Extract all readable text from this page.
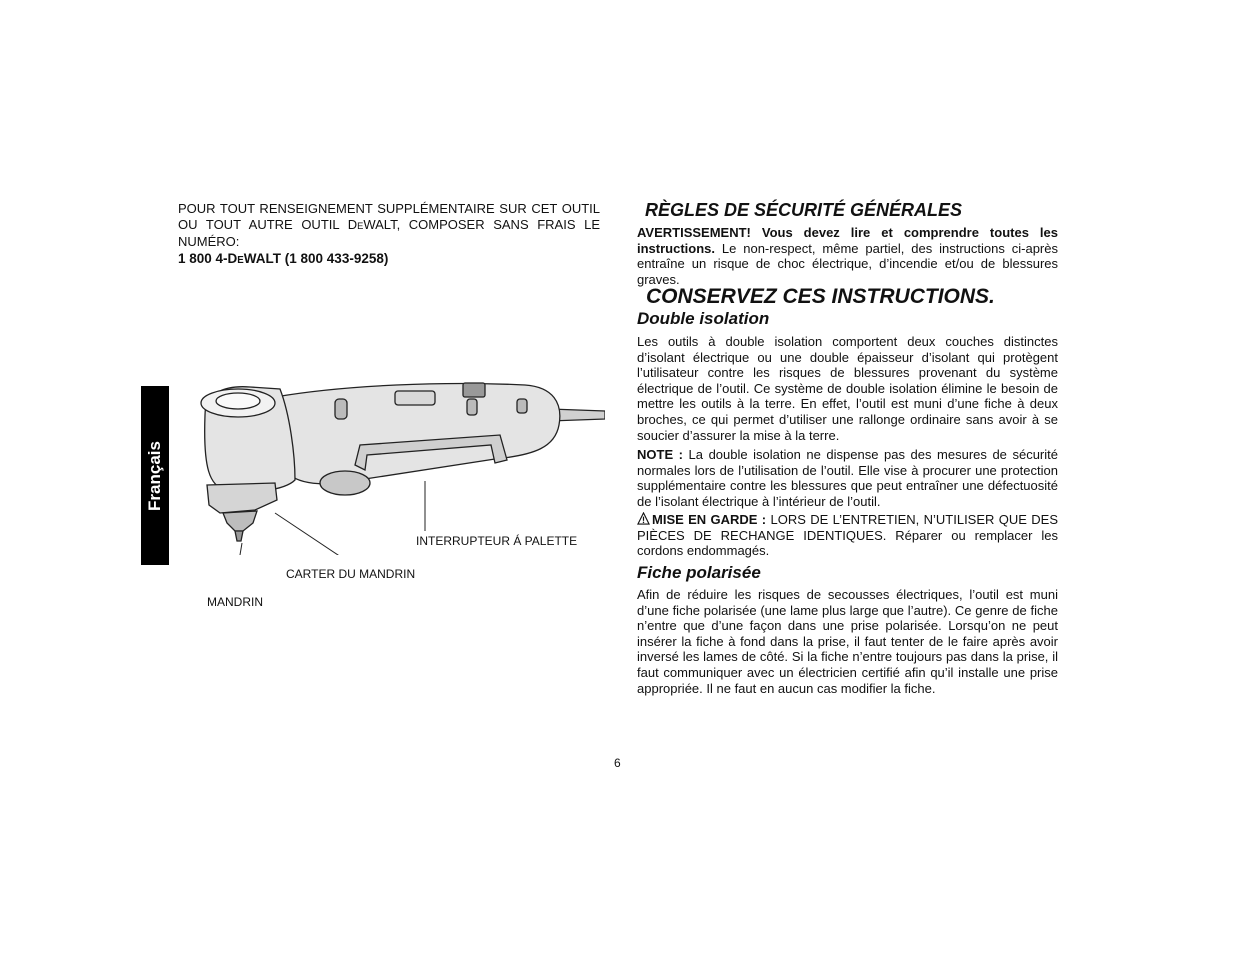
Français
POUR TOUT RENSEIGNEMENT SUPPLÉMENTAIRE SUR CET OUTIL OU TOUT AUTRE OUTIL DEWALT, COMPOSER SANS FRAIS LE NUMÉRO:
1 800 4-DEWALT (1 800 433-9258)
INTERRUPTEUR Á PALETTE
CARTER DU MANDRIN
MANDRIN
RÈGLES DE SÉCURITÉ GÉNÉRALES

AVERTISSEMENT! Vous devez lire et comprendre toutes les instructions. Le non-respect, même partiel, des instructions ci-après entraîne un risque de choc électrique, d’incendie et/ou de blessures graves.

CONSERVEZ CES INSTRUCTIONS.
Double isolation

Les outils à double isolation comportent deux couches distinctes d’isolant électrique ou une double épaisseur d’isolant qui protègent l’utilisateur contre les risques de blessures provenant du système électrique de l’outil. Ce système de double isolation élimine le besoin de mettre les outils à la terre. En effet, l’outil est muni d’une fiche à deux broches, ce qui permet d’utiliser une rallonge ordinaire sans avoir à se soucier d’assurer la mise à la terre.

NOTE : La double isolation ne dispense pas des mesures de sécurité normales lors de l’utilisation de l’outil. Elle vise à procurer une protection supplémentaire contre les blessures que peut entraîner une défectuosité de l’isolant électrique à l’intérieur de l’outil.

MISE EN GARDE : LORS DE L’ENTRETIEN, N’UTILISER QUE DES PIÈCES DE RECHANGE IDENTIQUES. Réparer ou remplacer les cordons endommagés.

Fiche polarisée

Afin de réduire les risques de secousses électriques, l’outil est muni d’une fiche polarisée (une lame plus large que l’autre). Ce genre de fiche n’entre que d’une façon dans une prise polarisée. Lorsqu’on ne peut insérer la fiche à fond dans la prise, il faut tenter de le faire après avoir inversé les lames de côté. Si la fiche n’entre toujours pas dans la prise, il faut communiquer avec un électricien certifié afin qu’il installe une prise appropriée. Il ne faut en aucun cas modifier la fiche.

6
